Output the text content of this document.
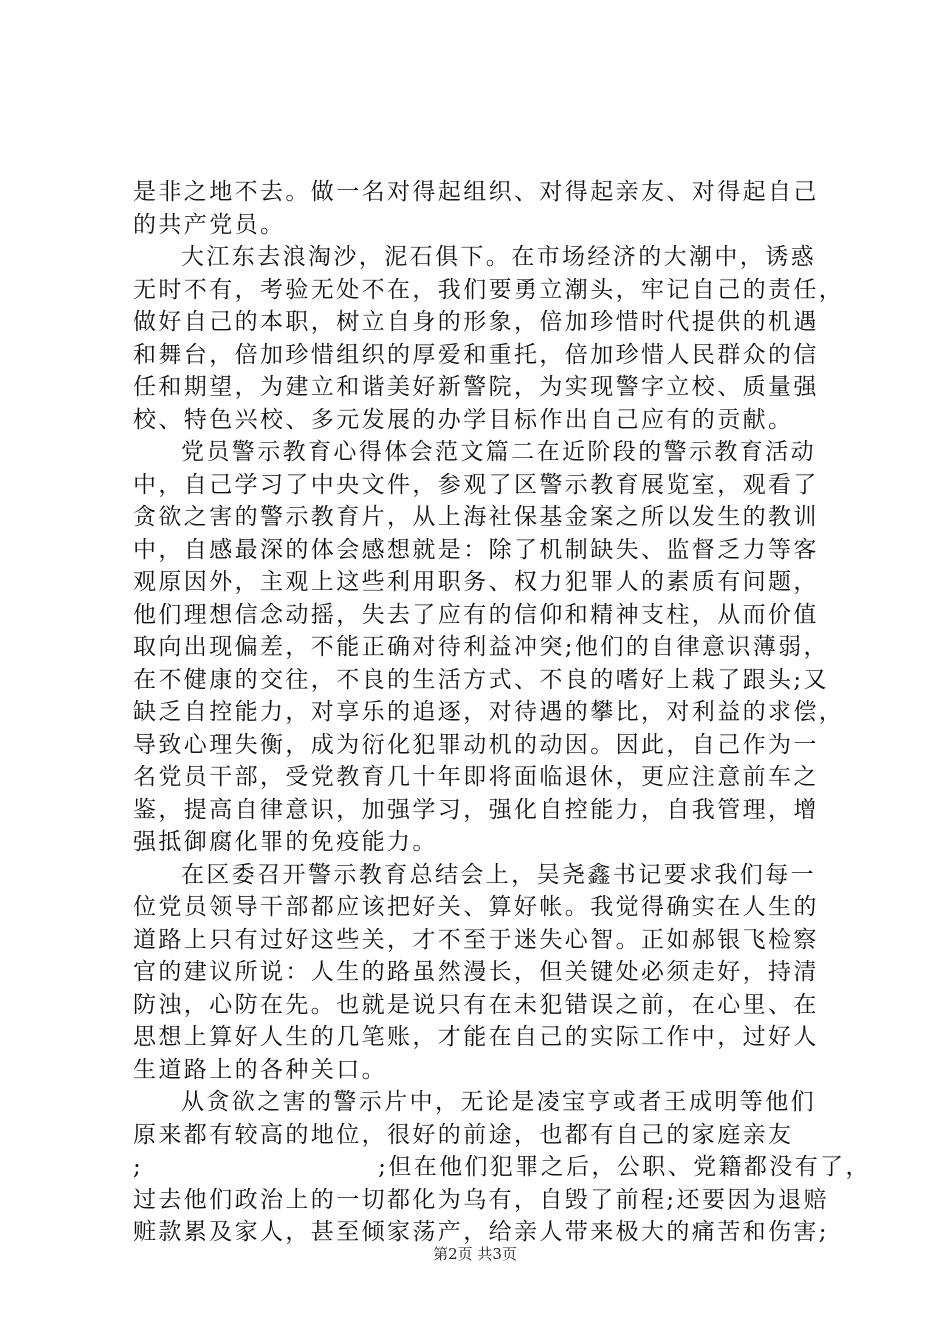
是非之地不去。做一名对得起组织、对得起亲友、对得起自己
的共产党员。
大江东去浪淘沙，泥石俱下。在市场经济的大潮中，诱惑
无时不有，考验无处不在，我们要勇立潮头，牢记自己的责任，
做好自己的本职，树立自身的形象，倍加珍惜时代提供的机遇
和舞台，倍加珍惜组织的厚爱和重托，倍加珍惜人民群众的信
任和期望，为建立和谐美好新警院，为实现警字立校、质量强
校、特色兴校、多元发展的办学目标作出自己应有的贡献。
党员警示教育心得体会范文篇二在近阶段的警示教育活动
中，自己学习了中央文件，参观了区警示教育展览室，观看了
贪欲之害的警示教育片，从上海社保基金案之所以发生的教训
中，自感最深的体会感想就是：除了机制缺失、监督乏力等客
观原因外，主观上这些利用职务、权力犯罪人的素质有问题，
他们理想信念动摇，失去了应有的信仰和精神支柱，从而价值
取向出现偏差，不能正确对待利益冲突;他们的自律意识薄弱，
在不健康的交往，不良的生活方式、不良的嗜好上栽了跟头;又
缺乏自控能力，对享乐的追逐，对待遇的攀比，对利益的求偿，
导致心理失衡，成为衍化犯罪动机的动因。因此，自己作为一
名党员干部，受党教育几十年即将面临退休，更应注意前车之
鉴，提高自律意识，加强学习，强化自控能力，自我管理，增
强抵御腐化罪的免疫能力。
在区委召开警示教育总结会上，吴尧鑫书记要求我们每一
位党员领导干部都应该把好关、算好帐。我觉得确实在人生的
道路上只有过好这些关，才不至于迷失心智。正如郝银飞检察
官的建议所说：人生的路虽然漫长，但关键处必须走好，持清
防浊，心防在先。也就是说只有在未犯错误之前，在心里、在
思想上算好人生的几笔账，才能在自己的实际工作中，过好人
生道路上的各种关口。
从贪欲之害的警示片中，无论是凌宝亨或者王成明等他们
原来都有较高的地位，很好的前途，也都有自己的家庭亲友
;	;但在他们犯罪之后，公职、党籍都没有了，
过去他们政治上的一切都化为乌有，自毁了前程;还要因为退赔
赃款累及家人，甚至倾家荡产，给亲人带来极大的痛苦和伤害;
第2页 共3页
